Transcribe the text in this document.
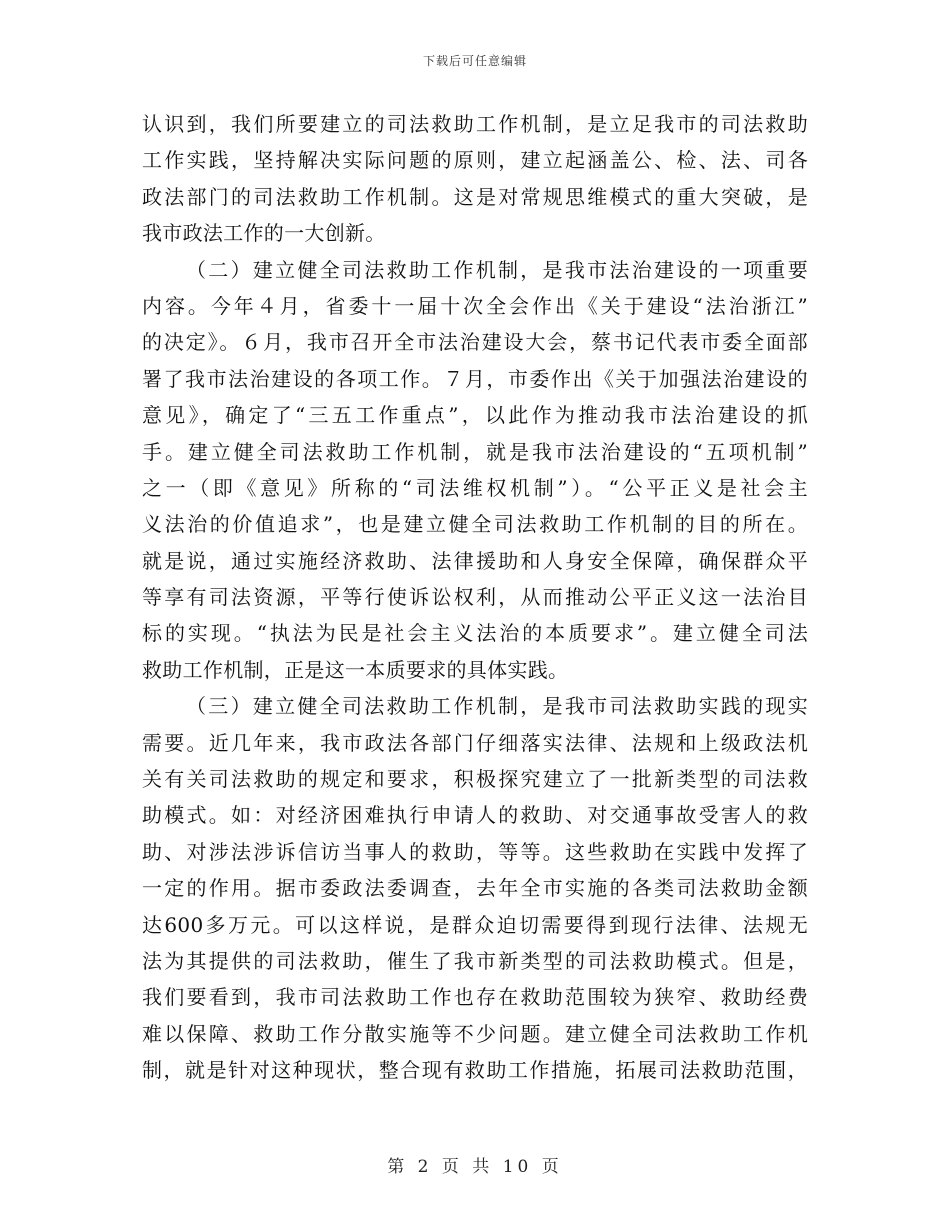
下载后可任意编辑
认识到，我们所要建立的司法救助工作机制，是立足我市的司法救助
工作实践，坚持解决实际问题的原则，建立起涵盖公、检、法、司各
政法部门的司法救助工作机制。这是对常规思维模式的重大突破，是
我市政法工作的一大创新。
（二）建立健全司法救助工作机制，是我市法治建设的一项重要
内容。今年４月，省委十一届十次全会作出《关于建设“法治浙江”
的决定》。６月，我市召开全市法治建设大会，蔡书记代表市委全面部
署了我市法治建设的各项工作。７月，市委作出《关于加强法治建设的
意见》，确定了“三五工作重点”，以此作为推动我市法治建设的抓
手。建立健全司法救助工作机制，就是我市法治建设的“五项机制”
之一（即《意见》所称的“司法维权机制”）。“公平正义是社会主
义法治的价值追求”，也是建立健全司法救助工作机制的目的所在。
就是说，通过实施经济救助、法律援助和人身安全保障，确保群众平
等享有司法资源，平等行使诉讼权利，从而推动公平正义这一法治目
标的实现。“执法为民是社会主义法治的本质要求”。建立健全司法
救助工作机制，正是这一本质要求的具体实践。
（三）建立健全司法救助工作机制，是我市司法救助实践的现实
需要。近几年来，我市政法各部门仔细落实法律、法规和上级政法机
关有关司法救助的规定和要求，积极探究建立了一批新类型的司法救
助模式。如：对经济困难执行申请人的救助、对交通事故受害人的救
助、对涉法涉诉信访当事人的救助，等等。这些救助在实践中发挥了
一定的作用。据市委政法委调查，去年全市实施的各类司法救助金额
达600多万元。可以这样说，是群众迫切需要得到现行法律、法规无
法为其提供的司法救助，催生了我市新类型的司法救助模式。但是，
我们要看到，我市司法救助工作也存在救助范围较为狭窄、救助经费
难以保障、救助工作分散实施等不少问题。建立健全司法救助工作机
制，就是针对这种现状，整合现有救助工作措施，拓展司法救助范围，
第 2 页 共 10 页
